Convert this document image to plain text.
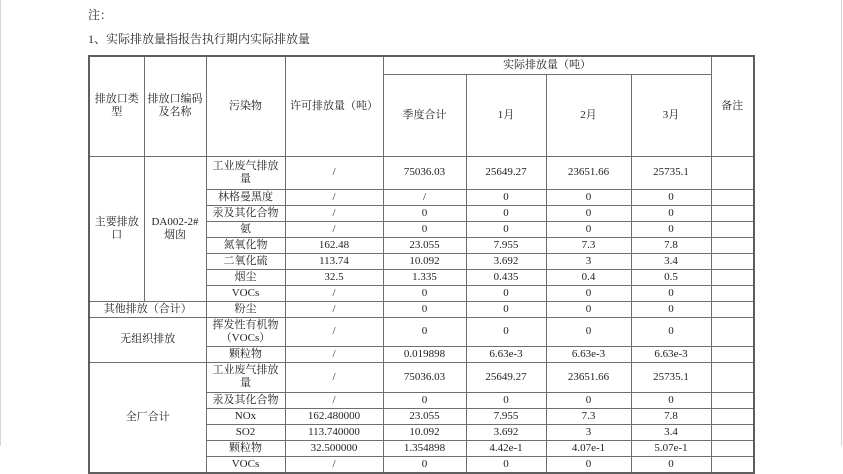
注：
1、实际排放量指报告执行期内实际排放量
排放口类型	排放口编码及名称	污染物	许可排放量（吨）	实际排放量（吨）				备注
				季度合计	1月	2月	3月	
主要排放口	DA002-2#烟囱	工业废气排放量	/	75036.03	25649.27	23651.66	25735.1	
		林格曼黑度	/	/	0	0	0	
		汞及其化合物	/	0	0	0	0	
		氨	/	0	0	0	0	
		氮氧化物	162.48	23.055	7.955	7.3	7.8	
		二氧化硫	113.74	10.092	3.692	3	3.4	
		烟尘	32.5	1.335	0.435	0.4	0.5	
		VOCs	/	0	0	0	0	
其他排放（合计）		粉尘	/	0	0	0	0	
无组织排放		挥发性有机物（VOCs）	/	0	0	0	0	
		颗粒物	/	0.019898	6.63e-3	6.63e-3	6.63e-3	
全厂合计		工业废气排放量	/	75036.03	25649.27	23651.66	25735.1	
		汞及其化合物	/	0	0	0	0	
		NOx	162.480000	23.055	7.955	7.3	7.8	
		SO2	113.740000	10.092	3.692	3	3.4	
		颗粒物	32.500000	1.354898	4.42e-1	4.07e-1	5.07e-1	
		VOCs	/	0	0	0	0	
